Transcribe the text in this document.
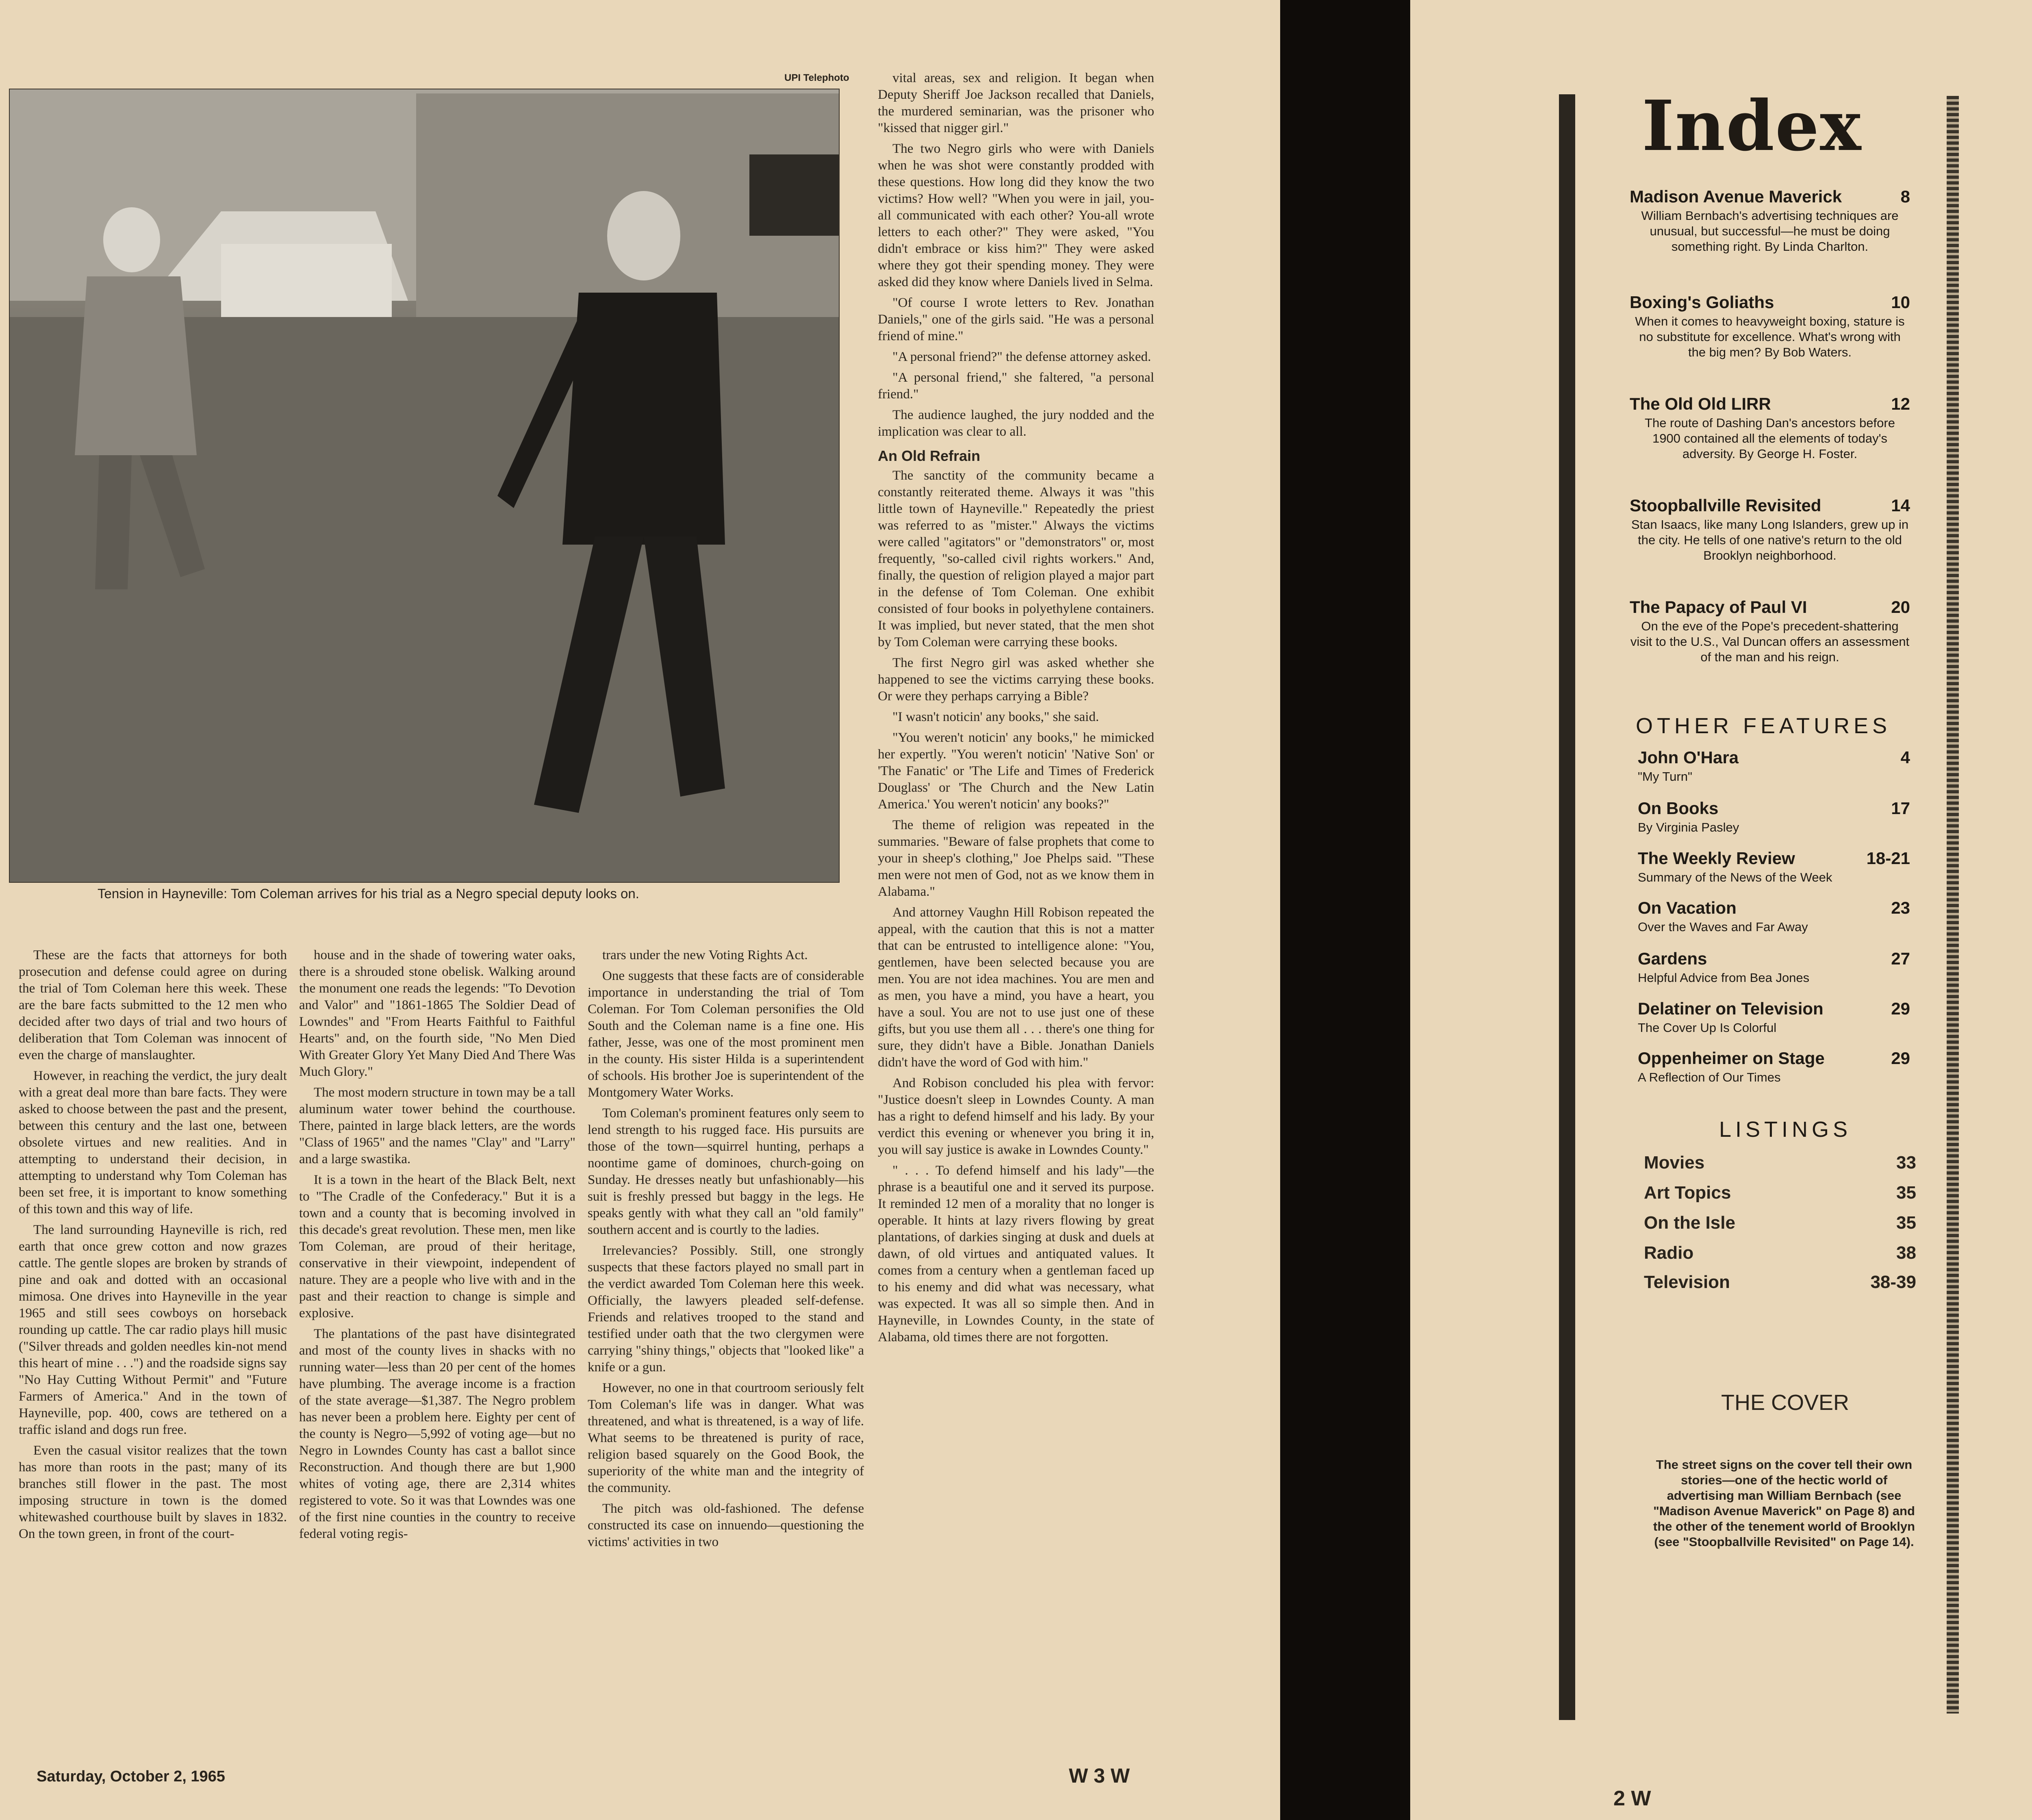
UPI Telephoto
Tension in Hayneville: Tom Coleman arrives for his trial as a Negro special deputy looks on.

These are the facts that attorneys for both prosecution and defense could agree on during the trial of Tom Coleman here this week. These are the bare facts submitted to the 12 men who decided after two days of trial and two hours of deliberation that Tom Coleman was innocent of even the charge of manslaughter.

However, in reaching the verdict, the jury dealt with a great deal more than bare facts. They were asked to choose between the past and the present, between this century and the last one, between obsolete virtues and new realities. And in attempting to understand their decision, in attempting to understand why Tom Coleman has been set free, it is important to know something of this town and this way of life.

The land surrounding Hayneville is rich, red earth that once grew cotton and now grazes cattle. The gentle slopes are broken by strands of pine and oak and dotted with an occasional mimosa. One drives into Hayneville in the year 1965 and still sees cowboys on horseback rounding up cattle. The car radio plays hill music ("Silver threads and golden needles kin-not mend this heart of mine . . .") and the roadside signs say "No Hay Cutting Without Permit" and "Future Farmers of America." And in the town of Hayneville, pop. 400, cows are tethered on a traffic island and dogs run free.

Even the casual visitor realizes that the town has more than roots in the past; many of its branches still flower in the past. The most imposing structure in town is the domed whitewashed courthouse built by slaves in 1832. On the town green, in front of the court-

house and in the shade of towering water oaks, there is a shrouded stone obelisk. Walking around the monument one reads the legends: "To Devotion and Valor" and "1861-1865 The Soldier Dead of Lowndes" and "From Hearts Faithful to Faithful Hearts" and, on the fourth side, "No Men Died With Greater Glory Yet Many Died And There Was Much Glory."

The most modern structure in town may be a tall aluminum water tower behind the courthouse. There, painted in large black letters, are the words "Class of 1965" and the names "Clay" and "Larry" and a large swastika.

It is a town in the heart of the Black Belt, next to "The Cradle of the Confederacy." But it is a town and a county that is becoming involved in this decade's great revolution. These men, men like Tom Coleman, are proud of their heritage, conservative in their viewpoint, independent of nature. They are a people who live with and in the past and their reaction to change is simple and explosive.

The plantations of the past have disintegrated and most of the county lives in shacks with no running water—less than 20 per cent of the homes have plumbing. The average income is a fraction of the state average—$1,387. The Negro problem has never been a problem here. Eighty per cent of the county is Negro—5,992 of voting age—but no Negro in Lowndes County has cast a ballot since Reconstruction. And though there are but 1,900 whites of voting age, there are 2,314 whites registered to vote. So it was that Lowndes was one of the first nine counties in the country to receive federal voting regis-

trars under the new Voting Rights Act.

One suggests that these facts are of considerable importance in understanding the trial of Tom Coleman. For Tom Coleman personifies the Old South and the Coleman name is a fine one. His father, Jesse, was one of the most prominent men in the county. His sister Hilda is a superintendent of schools. His brother Joe is superintendent of the Montgomery Water Works.

Tom Coleman's prominent features only seem to lend strength to his rugged face. His pursuits are those of the town—squirrel hunting, perhaps a noontime game of dominoes, church-going on Sunday. He dresses neatly but unfashionably—his suit is freshly pressed but baggy in the legs. He speaks gently with what they call an "old family" southern accent and is courtly to the ladies.

Irrelevancies? Possibly. Still, one strongly suspects that these factors played no small part in the verdict awarded Tom Coleman here this week. Officially, the lawyers pleaded self-defense. Friends and relatives trooped to the stand and testified under oath that the two clergymen were carrying "shiny things," objects that "looked like" a knife or a gun.

However, no one in that courtroom seriously felt Tom Coleman's life was in danger. What was threatened, and what is threatened, is a way of life. What seems to be threatened is purity of race, religion based squarely on the Good Book, the superiority of the white man and the integrity of the community.

The pitch was old-fashioned. The defense constructed its case on innuendo—questioning the victims' activities in two

vital areas, sex and religion. It began when Deputy Sheriff Joe Jackson recalled that Daniels, the murdered seminarian, was the prisoner who "kissed that nigger girl."

The two Negro girls who were with Daniels when he was shot were constantly prodded with these questions. How long did they know the two victims? How well? "When you were in jail, you-all communicated with each other? You-all wrote letters to each other?" They were asked, "You didn't embrace or kiss him?" They were asked where they got their spending money. They were asked did they know where Daniels lived in Selma.

"Of course I wrote letters to Rev. Jonathan Daniels," one of the girls said. "He was a personal friend of mine."

"A personal friend?" the defense attorney asked.

"A personal friend," she faltered, "a personal friend."

The audience laughed, the jury nodded and the implication was clear to all.

An Old Refrain

The sanctity of the community became a constantly reiterated theme. Always it was "this little town of Hayneville." Repeatedly the priest was referred to as "mister." Always the victims were called "agitators" or "demonstrators" or, most frequently, "so-called civil rights workers." And, finally, the question of religion played a major part in the defense of Tom Coleman. One exhibit consisted of four books in polyethylene containers. It was implied, but never stated, that the men shot by Tom Coleman were carrying these books.

The first Negro girl was asked whether she happened to see the victims carrying these books. Or were they perhaps carrying a Bible?

"I wasn't noticin' any books," she said.

"You weren't noticin' any books," he mimicked her expertly. "You weren't noticin' 'Native Son' or 'The Fanatic' or 'The Life and Times of Frederick Douglass' or 'The Church and the New Latin America.' You weren't noticin' any books?"

The theme of religion was repeated in the summaries. "Beware of false prophets that come to your in sheep's clothing," Joe Phelps said. "These men were not men of God, not as we know them in Alabama."

And attorney Vaughn Hill Robison repeated the appeal, with the caution that this is not a matter that can be entrusted to intelligence alone: "You, gentlemen, have been selected because you are men. You are not idea machines. You are men and as men, you have a mind, you have a heart, you have a soul. You are not to use just one of these gifts, but you use them all . . . there's one thing for sure, they didn't have a Bible. Jonathan Daniels didn't have the word of God with him."

And Robison concluded his plea with fervor: "Justice doesn't sleep in Lowndes County. A man has a right to defend himself and his lady. By your verdict this evening or whenever you bring it in, you will say justice is awake in Lowndes County."

" . . . To defend himself and his lady"—the phrase is a beautiful one and it served its purpose. It reminded 12 men of a morality that no longer is operable. It hints at lazy rivers flowing by great plantations, of darkies singing at dusk and duels at dawn, of old virtues and antiquated values. It comes from a century when a gentleman faced up to his enemy and did what was necessary, what was expected. It was all so simple then. And in Hayneville, in Lowndes County, in the state of Alabama, old times there are not forgotten.

Saturday, October 2, 1965	W 3 W
Index

2 W
Madison Avenue Maverick	8
William Bernbach's advertising techniques are unusual, but successful—he must be doing something right. By Linda Charlton.
Boxing's Goliaths	10
When it comes to heavyweight boxing, stature is no substitute for excellence. What's wrong with the big men? By Bob Waters.
The Old Old LIRR	12
The route of Dashing Dan's ancestors before 1900 contained all the elements of today's adversity. By George H. Foster.
Stoopballville Revisited	14
Stan Isaacs, like many Long Islanders, grew up in the city. He tells of one native's return to the old Brooklyn neighborhood.
The Papacy of Paul VI	20
On the eve of the Pope's precedent-shattering visit to the U.S., Val Duncan offers an assessment of the man and his reign.
OTHER FEATURES
John O'Hara	4
"My Turn"
On Books	17
By Virginia Pasley
The Weekly Review	18-21
Summary of the News of the Week
On Vacation	23
Over the Waves and Far Away
Gardens	27
Helpful Advice from Bea Jones
Delatiner on Television	29
The Cover Up Is Colorful
Oppenheimer on Stage	29
A Reflection of Our Times
LISTINGS
Movies	33
Art Topics	35
On the Isle	35
Radio	38
Television	38-39
THE COVER
The street signs on the cover tell their own stories—one of the hectic world of advertising man William Bernbach (see "Madison Avenue Maverick" on Page 8) and the other of the tenement world of Brooklyn (see "Stoopballville Revisited" on Page 14).
